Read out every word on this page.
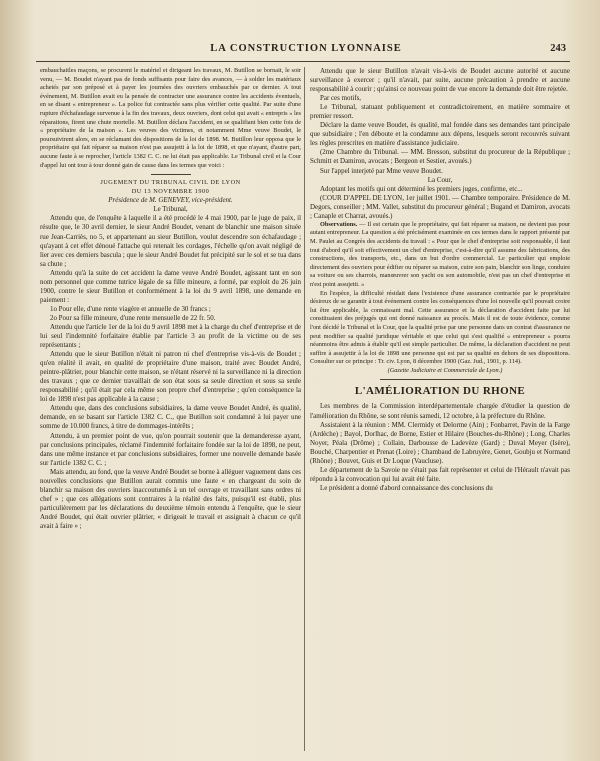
LA CONSTRUCTION LYONNAISE	243

embauchaitles maçons, se procurent le matériel et dirigeant les travaux, M. Butillon se bornait, le soir venu, — M. Boudet n'ayant pas de fonds suffisants pour faire des avances, — à solder les matériaux achetés par son préposé et à payer les journées des ouvriers embauchés par ce dernier. A tout événement, M. Butillon avait eu la pensée de contracter une assurance contre les accidents éventuels, en se disant « entrepreneur ». La police fut contractée sans plus vérifier cette qualité. Par suite d'une rupture d'échafaudage survenue à la fin des travaux, deux ouvriers, dont celui qui avait « entrepris » les réparations, firent une chute mortelle. M. Butillon déclara l'accident, en se qualifiant bien cette fois de « propriétaire de la maison ». Les veuves des victimes, et notamment Mme veuve Boudet, le poursuivirent alors, en se réclamant des dispositions de la loi de 1898. M. Butillon leur opposa que le propriétaire qui fait réparer sa maison n'est pas assujetti à la loi de 1898, et que n'ayant, d'autre part, aucune faute à se reprocher, l'article 1382 C. C. ne lui était pas applicable. Le Tribunal civil et la Cour d'appel lui ont tour à tour donné gain de cause dans les termes que voici :

JUGEMENT DU TRIBUNAL CIVIL DE LYON

DU 13 NOVEMBRE 1900

Présidence de M. GENEVEY, vice-président.

Le Tribunal,

Attendu que, de l'enquête à laquelle il a été procédé le 4 mai 1900, par le juge de paix, il résulte que, le 30 avril dernier, le sieur André Boudet, venant de blanchir une maison située rue Jean-Carriès, no 5, et appartenant au sieur Butillon, voulut descendre son échafaudage ; qu'ayant à cet effet dénoué l'attache qui retenait les cordages, l'échelle qu'on avait négligé de lier avec ces derniers bascula ; que le sieur André Boudet fut précipité sur le sol et se tua dans sa chute ;

Attendu qu'à la suite de cet accident la dame veuve André Boudet, agissant tant en son nom personnel que comme tutrice légale de sa fille mineure, a formé, par exploit du 26 juin 1900, contre le sieur Butillon et conformément à la loi du 9 avril 1898, une demande en paiement :

1o Pour elle, d'une rente viagère et annuelle de 30 francs ;

2o Pour sa fille mineure, d'une rente mensuelle de 22 fr. 50.

Attendu que l'article 1er de la loi du 9 avril 1898 met à la charge du chef d'entreprise et de lui seul l'indemnité forfaitaire établie par l'article 3 au profit de la victime ou de ses représentants ;

Attendu que le sieur Butillon n'était ni patron ni chef d'entreprise vis-à-vis de Boudet ; qu'en réalité il avait, en qualité de propriétaire d'une maison, traité avec Boudet André, peintre-plâtrier, pour blanchir cette maison, se n'étant réservé ni la surveillance ni la direction des travaux ; que ce dernier travaillait de son état sous sa seule direction et sous sa seule responsabilité ; qu'il était par cela même son propre chef d'entreprise ; qu'en conséquence la loi de 1898 n'est pas applicable à la cause ;

Attendu que, dans des conclusions subsidiaires, la dame veuve Boudet André, ès qualité, demande, en se basant sur l'article 1382 C. C., que Butillon soit condamné à lui payer une somme de 10.000 francs, à titre de dommages-intérêts ;

Attendu, à un premier point de vue, qu'on pourrait soutenir que la demanderesse ayant, par conclusions principales, réclamé l'indemnité forfaitaire fondée sur la loi de 1898, ne peut, dans une même instance et par conclusions subsidiaires, former une nouvelle demande basée sur l'article 1382 C. C. ;

Mais attendu, au fond, que la veuve André Boudet se borne à alléguer vaguement dans ces nouvelles conclusions que Butillon aurait commis une faute « en chargeant du soin de blanchir sa maison des ouvriers inaccoutumés à un tel ouvrage et travaillant sans ordres ni chef » ; que ces allégations sont contraires à la réalité des faits, puisqu'il est établi, plus particulièrement par les déclarations du deuxième témoin entendu à l'enquête, que le sieur André Boudet, qui était ouvrier plâtrier, « dirigeait le travail et assignait à chacun ce qu'il avait à faire » ;

Attendu que le sieur Butillon n'avait vis-à-vis de Boudet aucune autorité et aucune surveillance à exercer ; qu'il n'avait, par suite, aucune précaution à prendre et aucune responsabilité à courir ; qu'ainsi ce nouveau point de vue encore la demande doit être rejetée.

Par ces motifs,

Le Tribunal, statuant publiquement et contradictoirement, en matière sommaire et premier ressort.

Déclare la dame veuve Boudet, ès qualité, mal fondée dans ses demandes tant principale que subsidiaire ; l'en déboute et la condamne aux dépens, lesquels seront recouvrés suivant les règles prescrites en matière d'assistance judiciaire.

(2me Chambre du Tribunal. — MM. Bresson, substitut du procureur de la République ; Schmitt et Damiron, avocats ; Bergeon et Sestier, avoués.)

Sur l'appel interjeté par Mme veuve Boudet.

La Cour,

Adoptant les motifs qui ont déterminé les premiers juges, confirme, etc...

(COUR D'APPEL DE LYON, 1er juillet 1901. — Chambre temporaire. Présidence de M. Degors, conseiller ; MM. Vallet, substitut du procureur général ; Bugand et Damiron, avocats ; Canaple et Charrat, avoués.)

Observations. — Il est certain que le propriétaire, qui fait réparer sa maison, ne devient pas pour autant entrepreneur. La question a été précisément examinée en ces termes dans le rapport présenté par M. Paulet au Congrès des accidents du travail : « Pour que le chef d'entreprise soit responsable, il faut tout d'abord qu'il soit effectivement un chef d'entreprise, c'est-à-dire qu'il assume des fabrications, des constructions, des transports, etc., dans un but d'ordre commercial. Le particulier qui emploie directement des ouvriers pour édifier ou réparer sa maison, cuire son pain, blanchir son linge, conduire sa voiture ou ses charrois, manœuvrer son yacht ou son automobile, n'est pas un chef d'entreprise et n'est point assujetti. »

En l'espèce, la difficulté résidait dans l'existence d'une assurance contractée par le propriétaire désireux de se garantir à tout événement contre les conséquences d'une loi nouvelle qu'il pouvait croire lui être applicable, la connaissant mal. Cette assurance et la déclaration d'accident faite par lui constituaient des préjugés qui ont donné naissance au procès. Mais il est de toute évidence, comme l'ont décidé le Tribunal et la Cour, que la qualité prise par une personne dans un contrat d'assurance ne peut modifier sa qualité juridique véritable et que celui qui s'est qualifié « entrepreneur » pourra néanmoins être admis à établir qu'il est simple particulier. De même, la déclaration d'accident ne peut suffire à assujettir à la loi de 1898 une personne qui est par sa qualité en dehors de ses dispositions. Consulter sur ce principe : Tr. civ. Lyon, 8 décembre 1900 (Gaz. Jud., 1901, p. 114).

(Gazette Judiciaire et Commerciale de Lyon.)

L'AMÉLIORATION DU RHONE

Les membres de la Commission interdépartementale chargée d'étudier la question de l'amélioration du Rhône, se sont réunis samedi, 12 octobre, à la préfecture du Rhône.

Assistaient à la réunion : MM. Clermidy et Delorme (Ain) ; Fonbarret, Pavin de la Farge (Ardèche) ; Bayol, Dorlhac, de Borne, Estier et Hilaire (Bouches-du-Rhône) ; Long, Charles Noyer, Péala (Drôme) ; Collain, Darbousse de Ladevèze (Gard) ; Duval Meyer (Isère), Bouché, Charpentier et Prenat (Loire) ; Chambaud de Labruyère, Genet, Goubju et Normand (Rhône) ; Bouvet, Guis et Dr Loque (Vaucluse).

Le département de la Savoie ne s'était pas fait représenter et celui de l'Hérault n'avait pas répondu à la convocation qui lui avait été faite.

Le président a donné d'abord connaissance des conclusions du
